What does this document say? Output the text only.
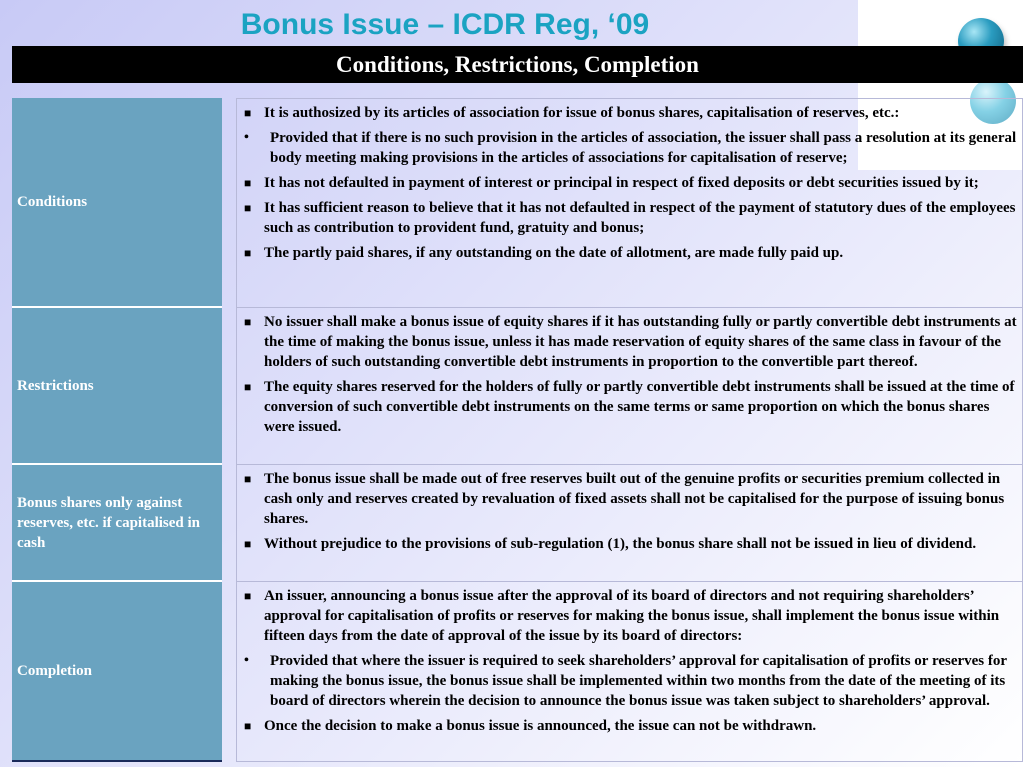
Bonus Issue – ICDR Reg, ‘09
Conditions, Restrictions, Completion
Conditions
■ It is authosized by its articles of association for issue of bonus shares, capitalisation of reserves, etc.:
•	Provided that if there is no such provision in the articles of association, the issuer shall pass a resolution at its general body meeting making provisions in the articles of associations for capitalisation of reserve;
■ It has not defaulted in payment of interest or principal in respect of fixed deposits or debt securities issued by it;
■ It has sufficient reason to believe that it has not defaulted in respect of the payment of statutory dues of the employees such as contribution to provident fund, gratuity and bonus;
■ The partly paid shares, if any outstanding on the date of allotment, are made fully paid up.
Restrictions
■ No issuer shall make a bonus issue of equity shares if it has outstanding fully or partly convertible debt instruments at the time of making the bonus issue, unless it has made reservation of equity shares of the same class in favour of the holders of such outstanding convertible debt instruments in proportion to the convertible part thereof.
■ The equity shares reserved for the holders of fully or partly convertible debt instruments shall be issued at the time of conversion of such convertible debt instruments on the same terms or same proportion on which the bonus shares were issued.
Bonus shares only against reserves, etc. if capitalised in cash
■ The bonus issue shall be made out of free reserves built out of the genuine profits or securities premium collected in cash only and reserves created by revaluation of fixed assets shall not be capitalised for the purpose of issuing bonus shares.
■ Without prejudice to the provisions of sub-regulation (1), the bonus share shall not be issued in lieu of dividend.
Completion
■ An issuer, announcing a bonus issue after the approval of its board of directors and not requiring shareholders’ approval for capitalisation of profits or reserves for making the bonus issue, shall implement the bonus issue within fifteen days from the date of approval of the issue by its board of directors:
•	Provided that where the issuer is required to seek shareholders’ approval for capitalisation of profits or reserves for making the bonus issue, the bonus issue shall be implemented within two months from the date of the meeting of its board of directors wherein the decision to announce the bonus issue was taken subject to shareholders’ approval.
■ Once the decision to make a bonus issue is announced, the issue can not be withdrawn.
